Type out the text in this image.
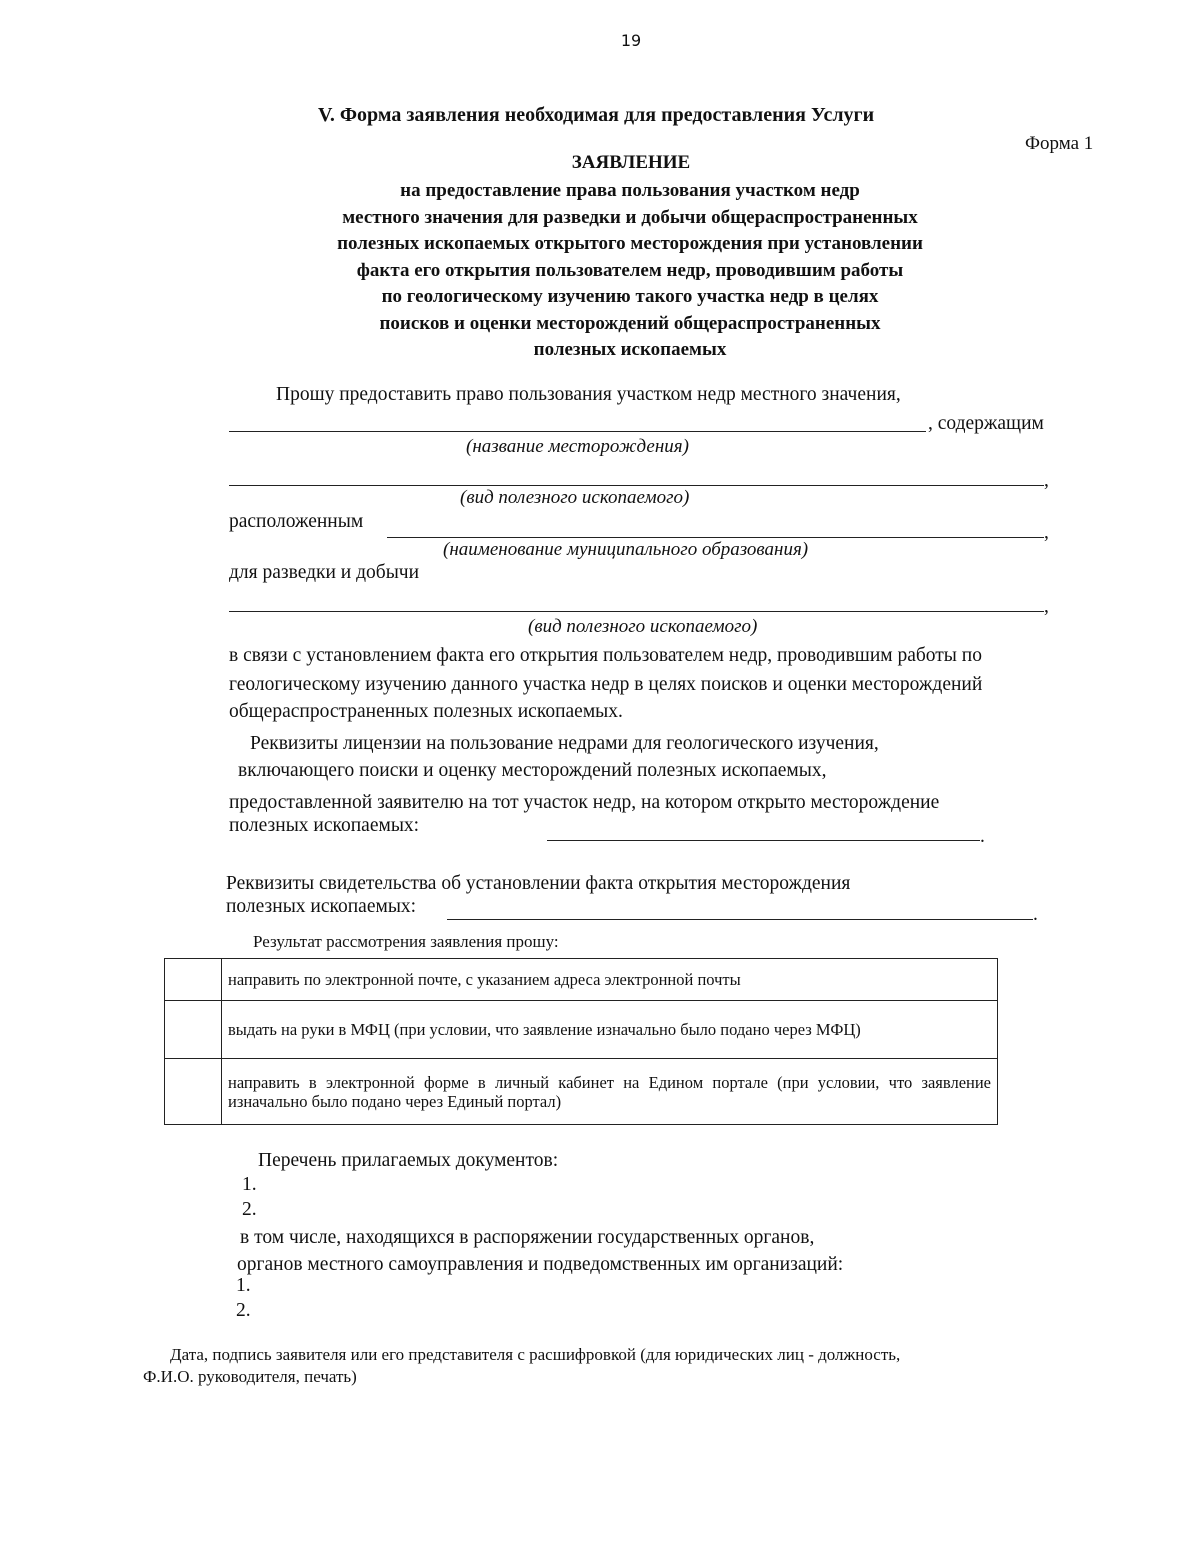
19
V. Форма заявления необходимая для предоставления Услуги
Форма 1
ЗАЯВЛЕНИЕ
на предоставление права пользования участком недр
местного значения для разведки и добычи общераспространенных
полезных ископаемых открытого месторождения при установлении
факта его открытия пользователем недр, проводившим работы
по геологическому изучению такого участка недр в целях
поисков и оценки месторождений общераспространенных
полезных ископаемых
Прошу предоставить право пользования участком недр местного значения,
, содержащим
(название месторождения)
,
(вид полезного ископаемого)
расположенным
,
(наименование муниципального образования)
для разведки и добычи
,
(вид полезного ископаемого)
в связи с установлением факта его открытия пользователем недр, проводившим работы по
геологическому изучению данного участка недр в целях поисков и оценки месторождений
общераспространенных полезных ископаемых.
Реквизиты лицензии на пользование недрами для геологического изучения,
включающего поиски и оценку месторождений полезных ископаемых,
предоставленной заявителю на тот участок недр, на котором открыто месторождение
полезных ископаемых:
.
Реквизиты свидетельства об установлении факта открытия месторождения
полезных ископаемых:	.
Результат рассмотрения заявления прошу:
	направить по электронной почте, с указанием адреса электронной почты
	выдать на руки в МФЦ (при условии, что заявление изначально было подано через МФЦ)
	направить в электронной форме в личный кабинет на Едином портале (при условии, что заявление изначально было подано через Единый портал)
Перечень прилагаемых документов:
1.
2.
в том числе, находящихся в распоряжении государственных органов,
органов местного самоуправления и подведомственных им организаций:
1.
2.
Дата, подпись заявителя или его представителя с расшифровкой (для юридических лиц - должность,
Ф.И.О. руководителя, печать)
